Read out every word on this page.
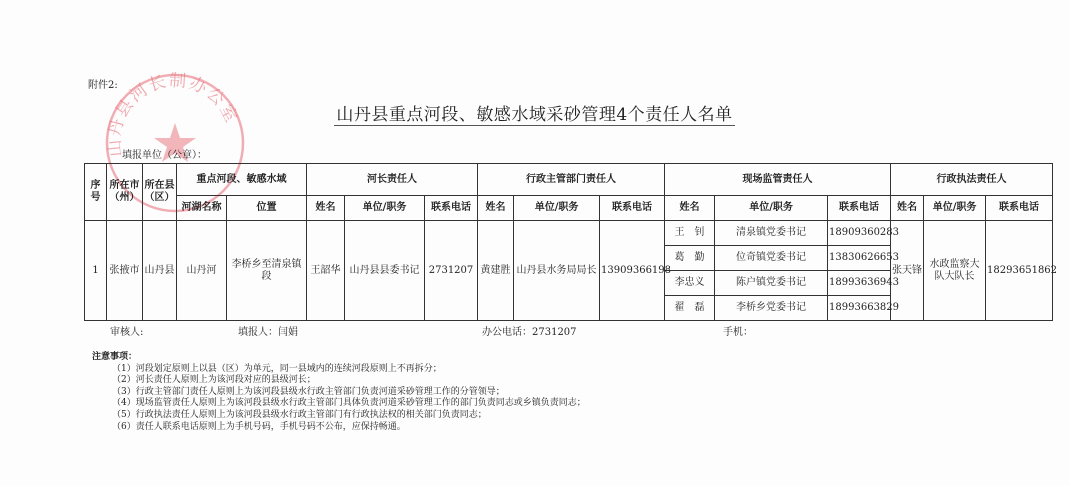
山丹县河长制办公室
附件2:
山丹县重点河段、敏感水域采砂管理4个责任人名单
填报单位（公章）：
序号	所在市（州）	所在县（区）	重点河段、敏感水域		河长责任人			行政主管部门责任人			现场监管责任人			行政执法责任人		
			河湖名称	位置	姓名	单位/职务	联系电话	姓名	单位/职务	联系电话	姓名	单位/职务	联系电话	姓名	单位/职务	联系电话
1	张掖市	山丹县	山丹河	李桥乡至清泉镇段	王韶华	山丹县县委书记	2731207	黄建胜	山丹县水务局局长	13909366198	王　钊	清泉镇党委书记	18909360283	张天锋	水政监察大队大队长	18293651862
											葛　勤	位奇镇党委书记	13830626653			
											李忠义	陈户镇党委书记	18993636943			
											翟　磊	李桥乡党委书记	18993663829			
审核人:	填报人：闫娟	办公电话：2731207	手机：
注意事项：
（1）河段划定原则上以县（区）为单元，同一县域内的连续河段原则上不再拆分；
（2）河长责任人原则上为该河段对应的县级河长；
（3）行政主管部门责任人原则上为该河段县级水行政主管部门负责河道采砂管理工作的分管领导；
（4）现场监管责任人原则上为该河段县级水行政主管部门具体负责河道采砂管理工作的部门负责同志或乡镇负责同志；
（5）行政执法责任人原则上为该河段县级水行政主管部门有行政执法权的相关部门负责同志；
（6）责任人联系电话原则上为手机号码，手机号码不公布，应保持畅通。
